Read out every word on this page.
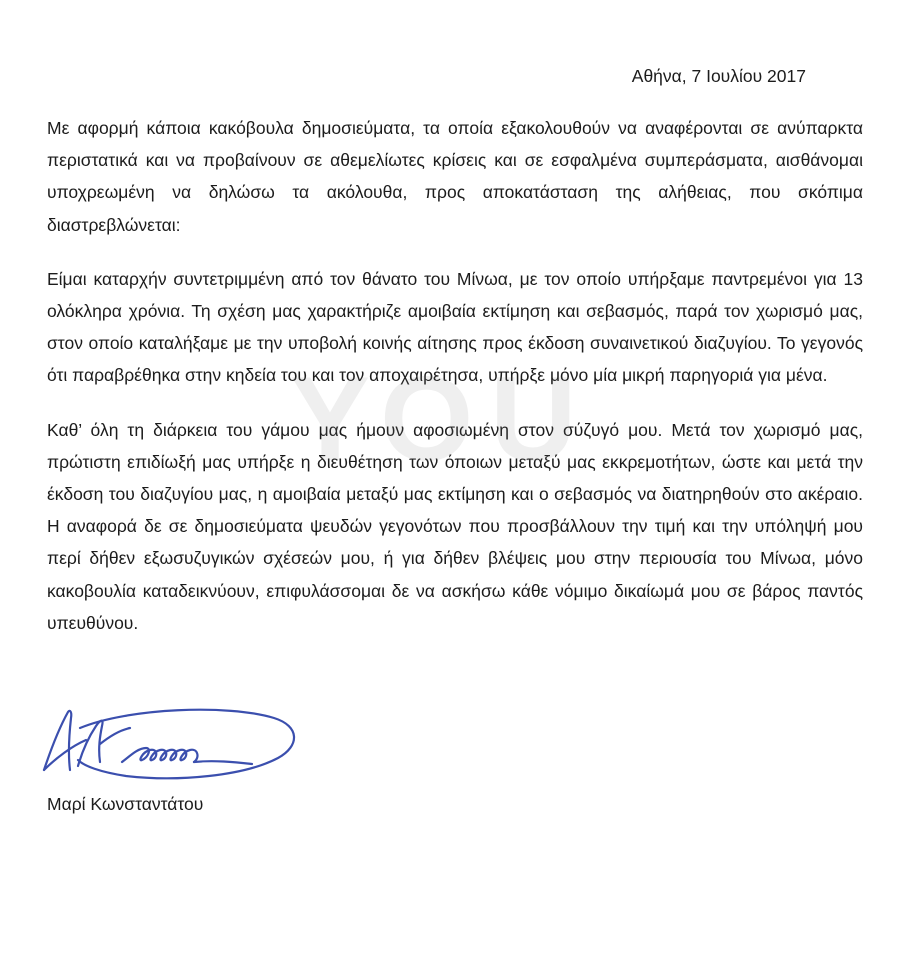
Αθήνα, 7 Ιουλίου 2017

Με αφορμή κάποια κακόβουλα δημοσιεύματα, τα οποία εξακολουθούν να αναφέρονται σε ανύπαρκτα περιστατικά και να προβαίνουν σε αθεμελίωτες κρίσεις και σε εσφαλμένα συμπεράσματα, αισθάνομαι υποχρεωμένη να δηλώσω τα ακόλουθα, προς αποκατάσταση της αλήθειας, που σκόπιμα διαστρεβλώνεται:

Είμαι καταρχήν συντετριμμένη από τον θάνατο του Μίνωα, με τον οποίο υπήρξαμε παντρεμένοι για 13 ολόκληρα χρόνια. Τη σχέση μας χαρακτήριζε αμοιβαία εκτίμηση και σεβασμός, παρά τον χωρισμό μας, στον οποίο καταλήξαμε με την υποβολή κοινής αίτησης προς έκδοση συναινετικού διαζυγίου. Το γεγονός ότι παραβρέθηκα στην κηδεία του και τον αποχαιρέτησα, υπήρξε μόνο μία μικρή παρηγοριά για μένα.

Καθ’ όλη τη διάρκεια του γάμου μας ήμουν αφοσιωμένη στον σύζυγό μου. Μετά τον χωρισμό μας, πρώτιστη επιδίωξή μας υπήρξε η διευθέτηση των όποιων μεταξύ μας εκκρεμοτήτων, ώστε και μετά την έκδοση του διαζυγίου μας, η αμοιβαία μεταξύ μας εκτίμηση και ο σεβασμός να διατηρηθούν στο ακέραιο. Η αναφορά δε σε δημοσιεύματα ψευδών γεγονότων που προσβάλλουν την τιμή και την υπόληψή μου περί δήθεν εξωσυζυγικών σχέσεών μου, ή για δήθεν βλέψεις μου στην περιουσία του Μίνωα, μόνο κακοβουλία καταδεικνύουν, επιφυλάσσομαι δε να ασκήσω κάθε νόμιμο δικαίωμά μου σε βάρος παντός υπευθύνου.

Y O U
Μαρί Κωνσταντάτου
